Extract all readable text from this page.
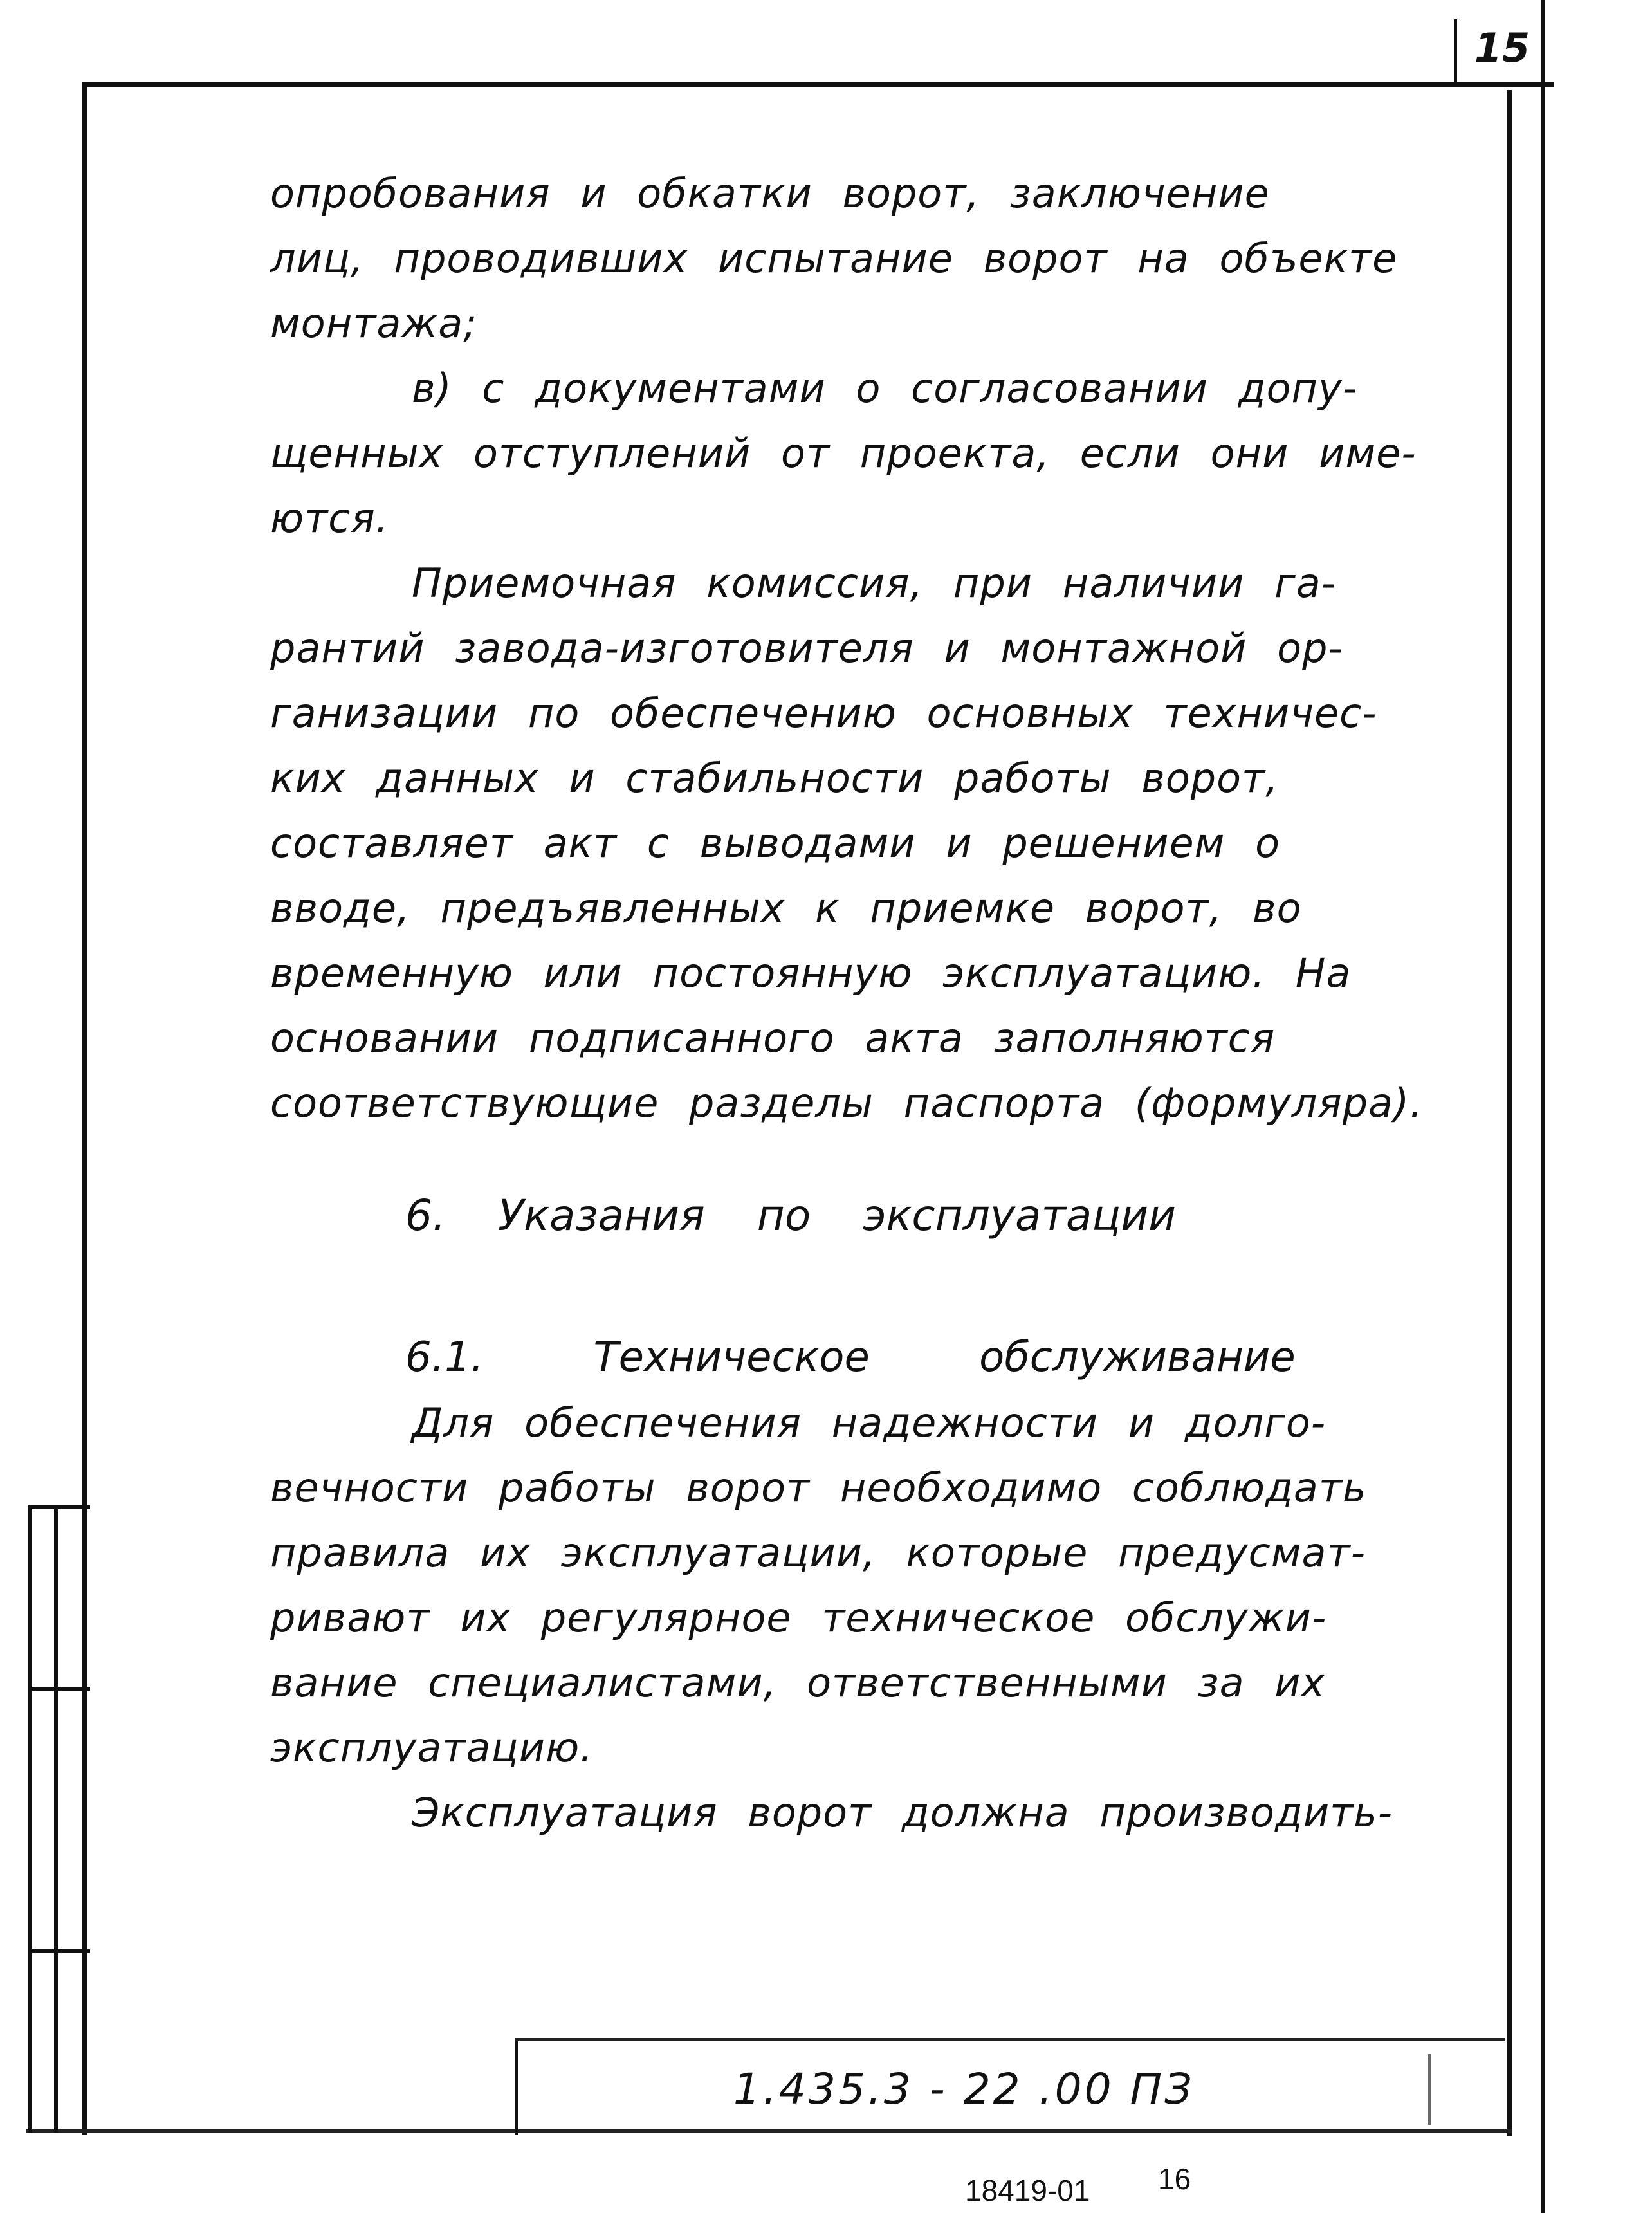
15
опробования и обкатки ворот, заключение
лиц, проводивших испытание ворот на объекте
монтажа;
в) с документами о согласовании допу-
щенных отступлений от проекта, если они име-
ются.
Приемочная комиссия, при наличии га-
рантий завода-изготовителя и монтажной ор-
ганизации по обеспечению основных техничес-
ких данных и стабильности работы ворот,
составляет акт с выводами и решением о
вводе, предъявленных к приемке ворот, во
временную или постоянную эксплуатацию. На
основании подписанного акта заполняются
соответствующие разделы паспорта (формуляра).
6. Указания по эксплуатации
6.1. Техническое обслуживание
Для обеспечения надежности и долго-
вечности работы ворот необходимо соблюдать
правила их эксплуатации, которые предусмат-
ривают их регулярное техническое обслужи-
вание специалистами, ответственными за их
эксплуатацию.
Эксплуатация ворот должна производить-
1.435.3 - 22 .00 ПЗ
18419-01	16
